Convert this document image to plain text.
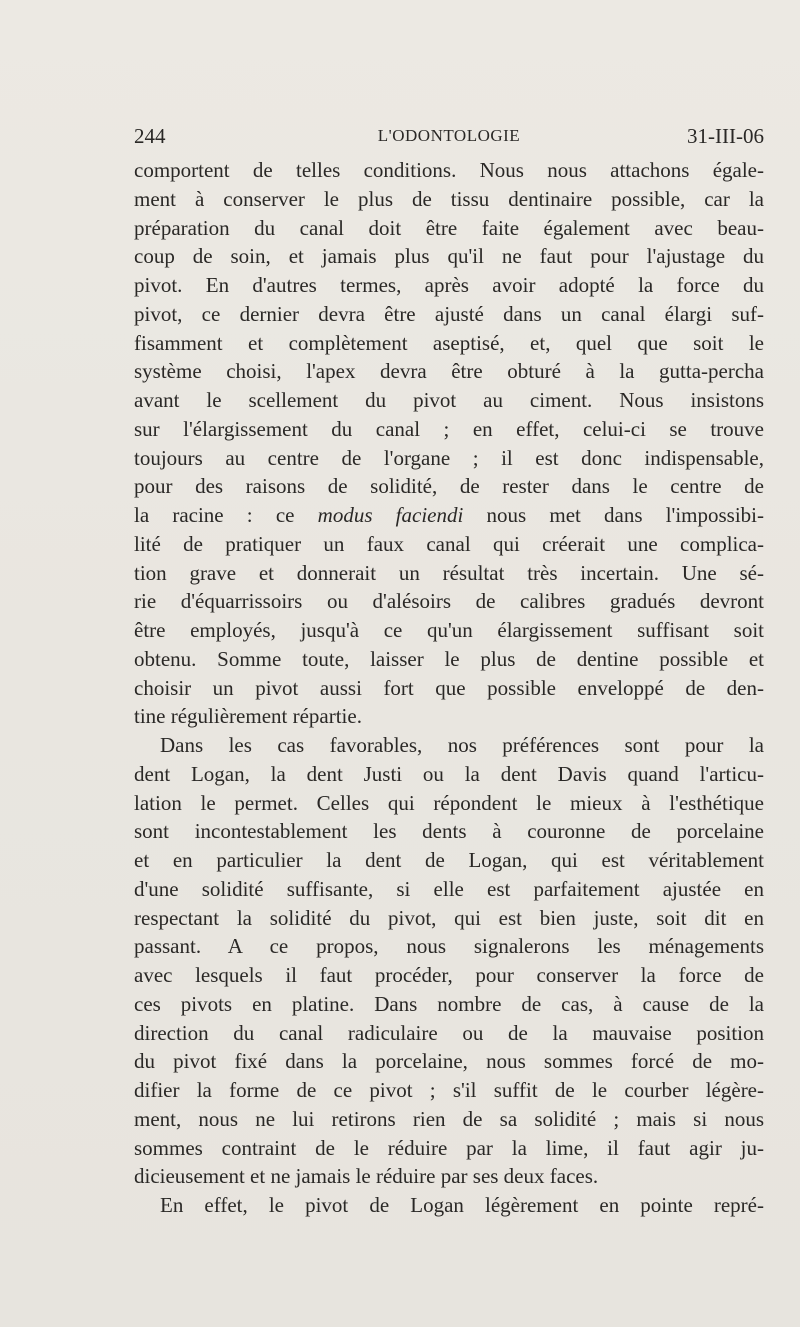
244	L'ODONTOLOGIE	31-III-06
comportent de telles conditions. Nous nous attachons égale-
ment à conserver le plus de tissu dentinaire possible, car la
préparation du canal doit être faite également avec beau-
coup de soin, et jamais plus qu'il ne faut pour l'ajustage du
pivot. En d'autres termes, après avoir adopté la force du
pivot, ce dernier devra être ajusté dans un canal élargi suf-
fisamment et complètement aseptisé, et, quel que soit le
système choisi, l'apex devra être obturé à la gutta-percha
avant le scellement du pivot au ciment. Nous insistons
sur l'élargissement du canal ; en effet, celui-ci se trouve
toujours au centre de l'organe ; il est donc indispensable,
pour des raisons de solidité, de rester dans le centre de
la racine : ce modus faciendi nous met dans l'impossibi-
lité de pratiquer un faux canal qui créerait une complica-
tion grave et donnerait un résultat très incertain. Une sé-
rie d'équarrissoirs ou d'alésoirs de calibres gradués devront
être employés, jusqu'à ce qu'un élargissement suffisant soit
obtenu. Somme toute, laisser le plus de dentine possible et
choisir un pivot aussi fort que possible enveloppé de den-
tine régulièrement répartie.
Dans les cas favorables, nos préférences sont pour la
dent Logan, la dent Justi ou la dent Davis quand l'articu-
lation le permet. Celles qui répondent le mieux à l'esthétique
sont incontestablement les dents à couronne de porcelaine
et en particulier la dent de Logan, qui est véritablement
d'une solidité suffisante, si elle est parfaitement ajustée en
respectant la solidité du pivot, qui est bien juste, soit dit en
passant. A ce propos, nous signalerons les ménagements
avec lesquels il faut procéder, pour conserver la force de
ces pivots en platine. Dans nombre de cas, à cause de la
direction du canal radiculaire ou de la mauvaise position
du pivot fixé dans la porcelaine, nous sommes forcé de mo-
difier la forme de ce pivot ; s'il suffit de le courber légère-
ment, nous ne lui retirons rien de sa solidité ; mais si nous
sommes contraint de le réduire par la lime, il faut agir ju-
dicieusement et ne jamais le réduire par ses deux faces.
En effet, le pivot de Logan légèrement en pointe repré-
